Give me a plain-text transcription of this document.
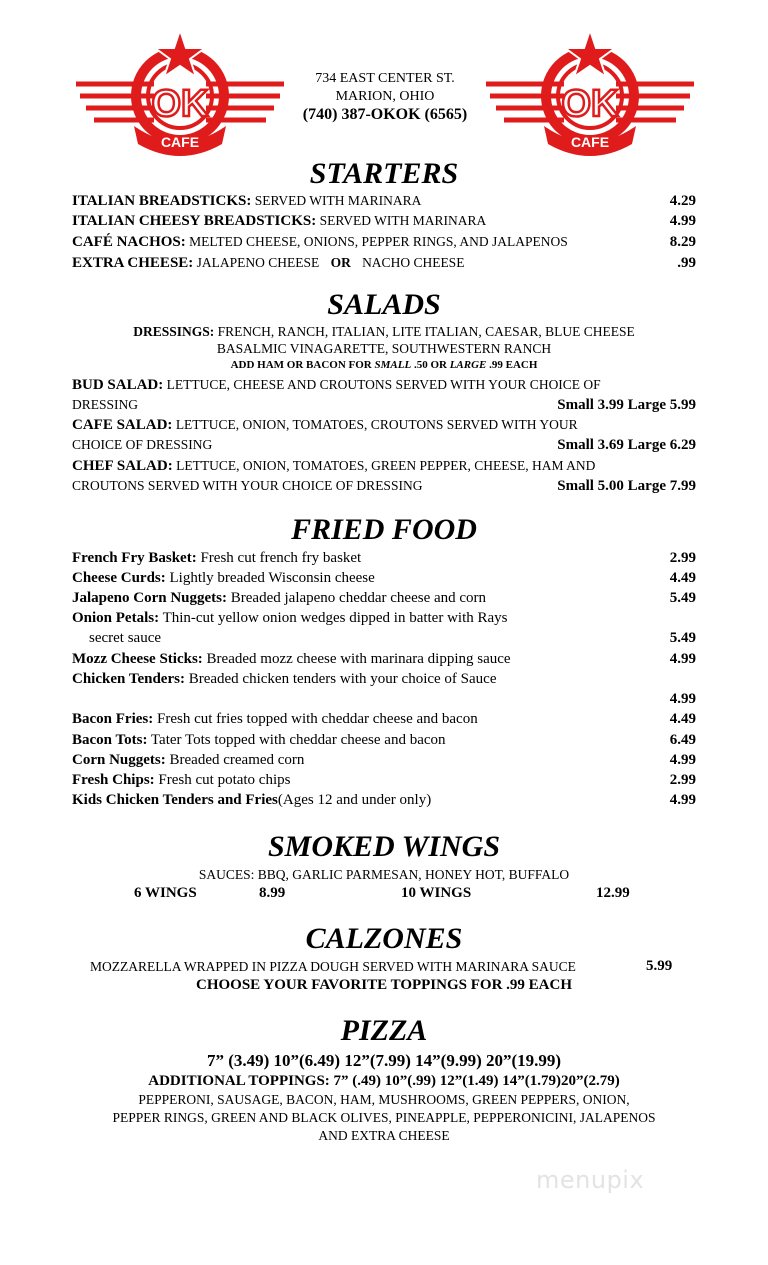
OK
CAFE
OK
CAFE
734 EAST CENTER ST.
MARION, OHIO
(740) 387-OKOK (6565)
STARTERS
ITALIAN BREADSTICKS: SERVED WITH MARINARA	4.29
ITALIAN CHEESY BREADSTICKS: SERVED WITH MARINARA	4.99
CAFÉ NACHOS: MELTED CHEESE, ONIONS, PEPPER RINGS, AND JALAPENOS	8.29
EXTRA CHEESE: JALAPENO CHEESE OR NACHO CHEESE	.99
SALADS
DRESSINGS: FRENCH, RANCH, ITALIAN, LITE ITALIAN, CAESAR, BLUE CHEESE
BASALMIC VINAGARETTE, SOUTHWESTERN RANCH
ADD HAM OR BACON FOR SMALL .50 OR LARGE .99 EACH
BUD SALAD: LETTUCE, CHEESE AND CROUTONS SERVED WITH YOUR CHOICE OF
DRESSING	Small 3.99 Large 5.99
CAFE SALAD: LETTUCE, ONION, TOMATOES, CROUTONS SERVED WITH YOUR
CHOICE OF DRESSING	Small 3.69 Large 6.29
CHEF SALAD: LETTUCE, ONION, TOMATOES, GREEN PEPPER, CHEESE, HAM AND
CROUTONS SERVED WITH YOUR CHOICE OF DRESSING	Small 5.00 Large 7.99
FRIED FOOD
French Fry Basket: Fresh cut french fry basket	2.99
Cheese Curds: Lightly breaded Wisconsin cheese	4.49
Jalapeno Corn Nuggets: Breaded jalapeno cheddar cheese and corn	5.49
Onion Petals: Thin-cut yellow onion wedges dipped in batter with Rays
secret sauce	5.49
Mozz Cheese Sticks: Breaded mozz cheese with marinara dipping sauce	4.99
Chicken Tenders: Breaded chicken tenders with your choice of Sauce
4.99
Bacon Fries: Fresh cut fries topped with cheddar cheese and bacon	4.49
Bacon Tots: Tater Tots topped with cheddar cheese and bacon	6.49
Corn Nuggets: Breaded creamed corn	4.99
Fresh Chips: Fresh cut potato chips	2.99
Kids Chicken Tenders and Fries(Ages 12 and under only)	4.99
SMOKED WINGS
SAUCES: BBQ, GARLIC PARMESAN, HONEY HOT, BUFFALO
6 WINGS	8.99	10 WINGS	12.99
CALZONES
MOZZARELLA WRAPPED IN PIZZA DOUGH SERVED WITH MARINARA SAUCE	5.99
CHOOSE YOUR FAVORITE TOPPINGS FOR .99 EACH
PIZZA
7” (3.49) 10”(6.49) 12”(7.99) 14”(9.99) 20”(19.99)
ADDITIONAL TOPPINGS: 7” (.49) 10”(.99) 12”(1.49) 14”(1.79)20”(2.79)
PEPPERONI, SAUSAGE, BACON, HAM, MUSHROOMS, GREEN PEPPERS, ONION,
PEPPER RINGS, GREEN AND BLACK OLIVES, PINEAPPLE, PEPPERONICINI, JALAPENOS
AND EXTRA CHEESE
menupix
